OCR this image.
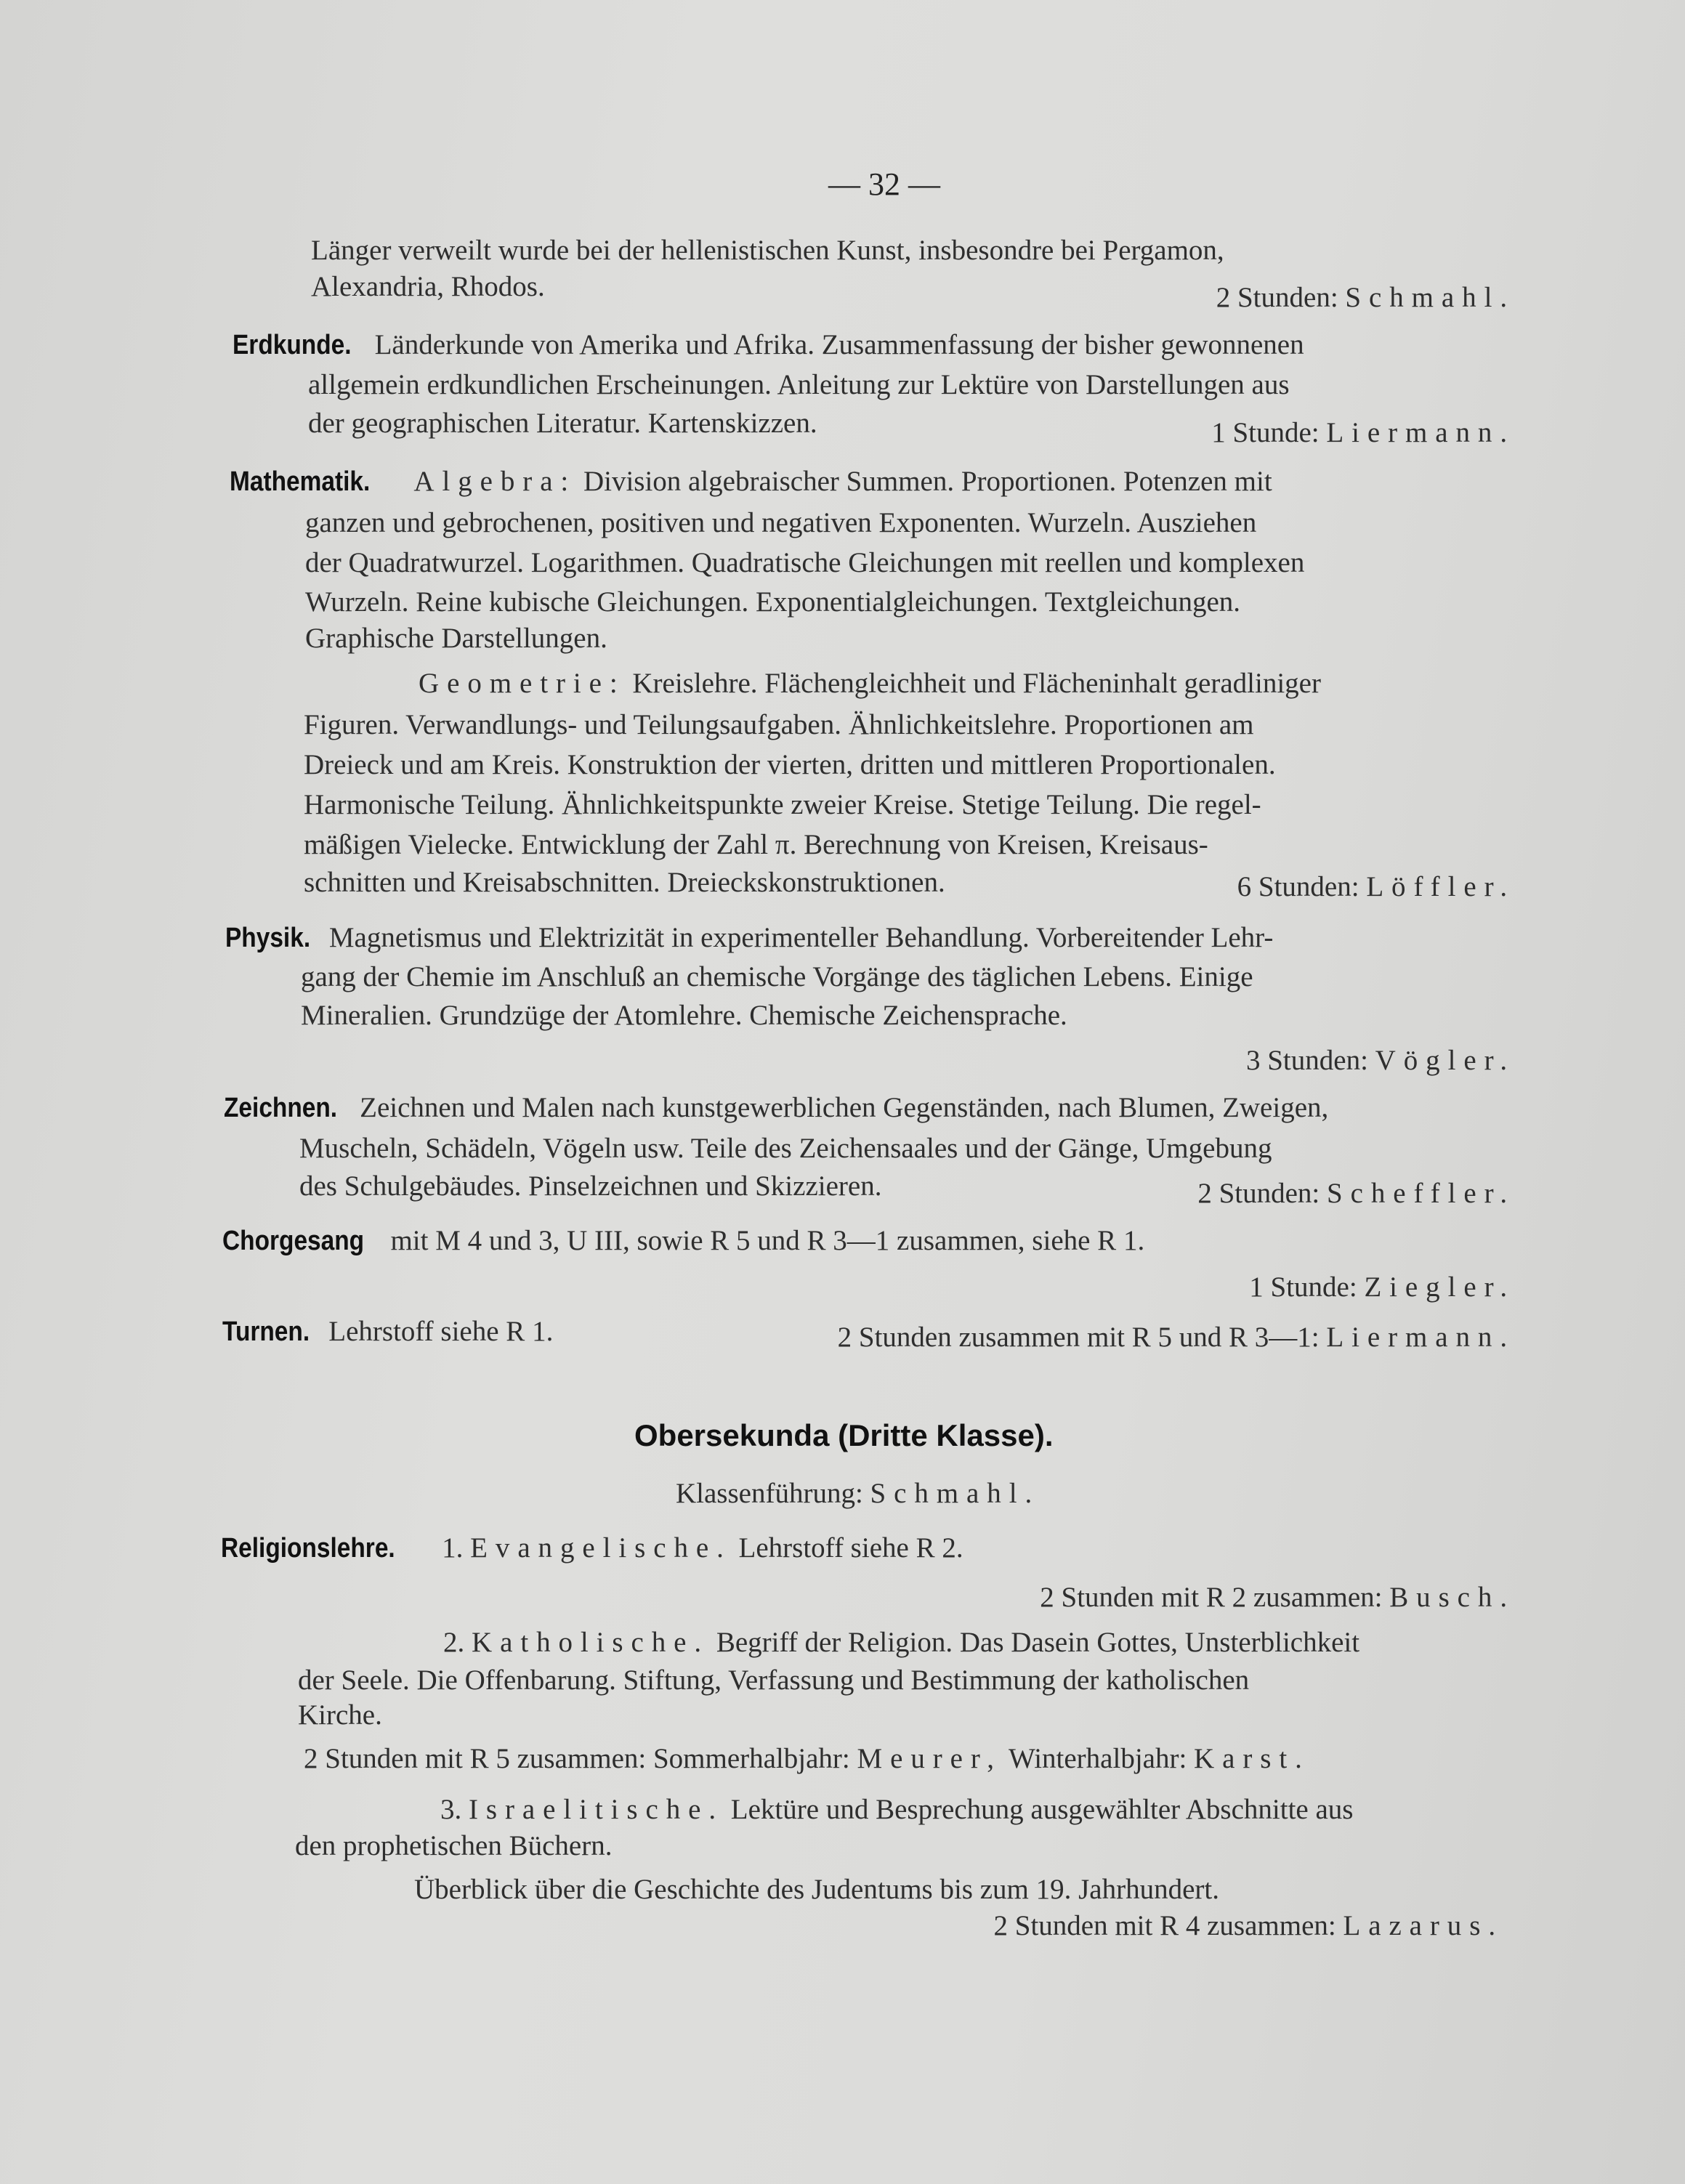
— 32 —
Länger verweilt wurde bei der hellenistischen Kunst, insbesondre bei Pergamon,
Alexandria, Rhodos.	2 Stunden: Schmahl.
Erdkunde. Länderkunde von Amerika und Afrika. Zusammenfassung der bisher gewonnenen
allgemein erdkundlichen Erscheinungen. Anleitung zur Lektüre von Darstellungen aus
der geographischen Literatur. Kartenskizzen.	1 Stunde: Liermann.
Mathematik. Algebra: Division algebraischer Summen. Proportionen. Potenzen mit
ganzen und gebrochenen, positiven und negativen Exponenten. Wurzeln. Ausziehen
der Quadratwurzel. Logarithmen. Quadratische Gleichungen mit reellen und komplexen
Wurzeln. Reine kubische Gleichungen. Exponentialgleichungen. Textgleichungen.
Graphische Darstellungen.
Geometrie: Kreislehre. Flächengleichheit und Flächeninhalt geradliniger
Figuren. Verwandlungs- und Teilungsaufgaben. Ähnlichkeitslehre. Proportionen am
Dreieck und am Kreis. Konstruktion der vierten, dritten und mittleren Proportionalen.
Harmonische Teilung. Ähnlichkeitspunkte zweier Kreise. Stetige Teilung. Die regel-
mäßigen Vielecke. Entwicklung der Zahl π. Berechnung von Kreisen, Kreisaus-
schnitten und Kreisabschnitten. Dreieckskonstruktionen.	6 Stunden: Löffler.
Physik. Magnetismus und Elektrizität in experimenteller Behandlung. Vorbereitender Lehr-
gang der Chemie im Anschluß an chemische Vorgänge des täglichen Lebens. Einige
Mineralien. Grundzüge der Atomlehre. Chemische Zeichensprache.
3 Stunden: Vögler.
Zeichnen. Zeichnen und Malen nach kunstgewerblichen Gegenständen, nach Blumen, Zweigen,
Muscheln, Schädeln, Vögeln usw. Teile des Zeichensaales und der Gänge, Umgebung
des Schulgebäudes. Pinselzeichnen und Skizzieren.	2 Stunden: Scheffler.
Chorgesang mit M 4 und 3, U III, sowie R 5 und R 3—1 zusammen, siehe R 1.
1 Stunde: Ziegler.
Turnen. Lehrstoff siehe R 1.	2 Stunden zusammen mit R 5 und R 3—1: Liermann.
Obersekunda (Dritte Klasse).
Klassenführung: Schmahl.
Religionslehre. 1. Evangelische. Lehrstoff siehe R 2.
2 Stunden mit R 2 zusammen: Busch.
2. Katholische. Begriff der Religion. Das Dasein Gottes, Unsterblichkeit
der Seele. Die Offenbarung. Stiftung, Verfassung und Bestimmung der katholischen
Kirche.
2 Stunden mit R 5 zusammen: Sommerhalbjahr: Meurer, Winterhalbjahr: Karst.
3. Israelitische. Lektüre und Besprechung ausgewählter Abschnitte aus
den prophetischen Büchern.
Überblick über die Geschichte des Judentums bis zum 19. Jahrhundert.
2 Stunden mit R 4 zusammen: Lazarus.
